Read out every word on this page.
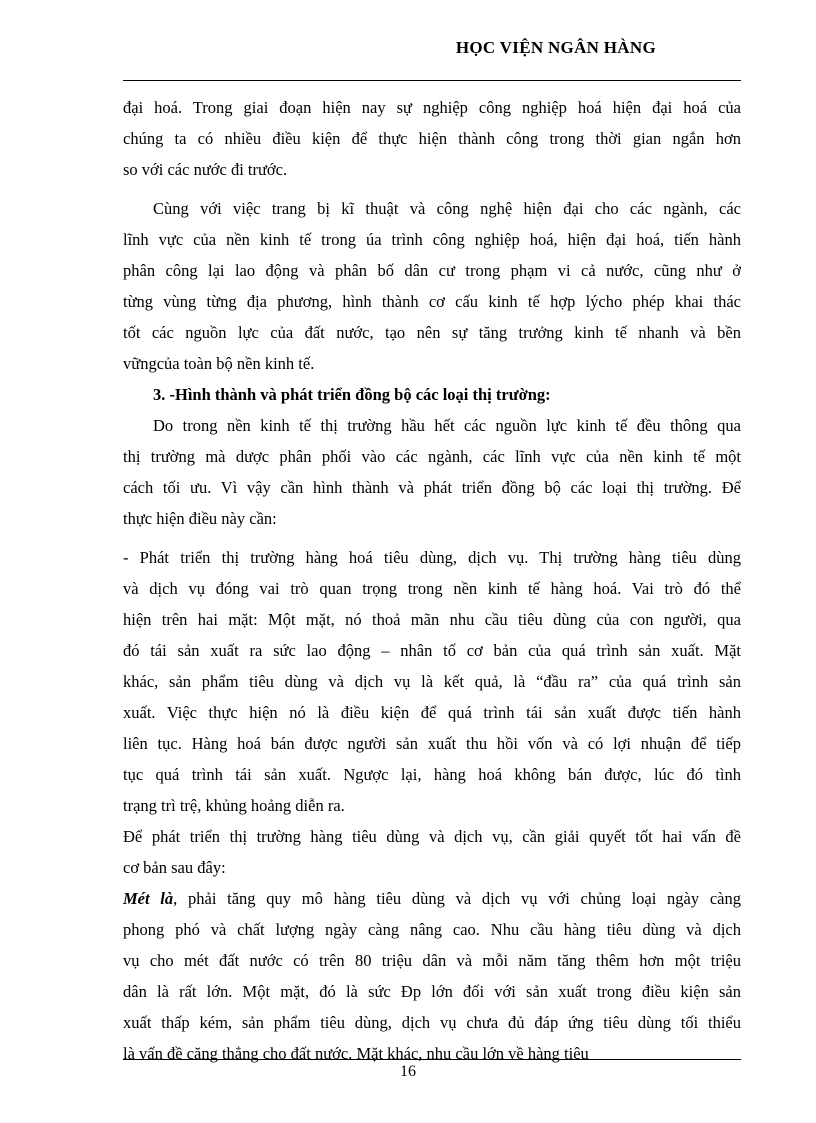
HỌC VIỆN NGÂN HÀNG
đại hoá. Trong giai đoạn hiện nay sự nghiệp công nghiệp hoá hiện đại hoá của
chúng ta có nhiều điều kiện để thực hiện thành công trong thời gian ngắn hơn
so với các nước đi trước.
Cùng với việc trang bị kĩ thuật và công nghệ hiện đại cho các ngành, các
lĩnh vực của nền kinh tế trong úa trình công nghiệp hoá, hiện đại hoá, tiến hành
phân công lại lao động và phân bố dân cư trong phạm vi cả nước, cũng như ở
từng vùng từng địa phương, hình thành cơ cấu kinh tế hợp lýcho phép khai thác
tốt các nguồn lực của đất nước, tạo nên sự tăng trưởng kinh tế nhanh và bền
vữngcủa toàn bộ nền kinh tế.
3. -Hình thành và phát triển đồng bộ các loại thị trường:
Do trong nền kinh tế thị trường hầu hết các nguồn lực kinh tế đều thông qua
thị trường mà dược phân phối vào các ngành, các lĩnh vực của nền kinh tế một
cách tối ưu. Vì vậy cần hình thành và phát triển đồng bộ các loại thị trường. Để
thực hiện điều này cần:
- Phát triển thị trường hàng hoá tiêu dùng, dịch vụ. Thị trường hàng tiêu dùng
và dịch vụ đóng vai trò quan trọng trong nền kinh tế hàng hoá. Vai trò đó thể
hiện trên hai mặt: Một mặt, nó thoả mãn nhu cầu tiêu dùng của con người, qua
đó tái sản xuất ra sức lao động – nhân tố cơ bản của quá trình sản xuất. Mặt
khác, sản phẩm tiêu dùng và dịch vụ là kết quả, là “đầu ra” của quá trình sản
xuất. Việc thực hiện nó là điều kiện để quá trình tái sản xuất được tiến hành
liên tục. Hàng hoá bán được người sản xuất thu hồi vốn và có lợi nhuận để tiếp
tục quá trình tái sản xuất. Ngược lại, hàng hoá không bán được, lúc đó tình
trạng trì trệ, khủng hoảng diễn ra.
Để phát triển thị trường hàng tiêu dùng và dịch vụ, cần giải quyết tốt hai vấn đề
cơ bản sau đây:
Mét là, phải tăng quy mô hàng tiêu dùng và dịch vụ với chủng loại ngày càng
phong phó và chất lượng ngày càng nâng cao. Nhu cầu hàng tiêu dùng và dịch
vụ cho mét đất nước có trên 80 triệu dân và mỗi năm tăng thêm hơn một triệu
dân là rất lớn. Một mặt, đó là sức Đp lớn đối với sản xuất trong điều kiện sản
xuất thấp kém, sản phẩm tiêu dùng, dịch vụ chưa đủ đáp ứng tiêu dùng tối thiểu
là vấn đề căng thẳng cho đất nước. Mặt khác, nhu cầu lớn về hàng tiêu
16
